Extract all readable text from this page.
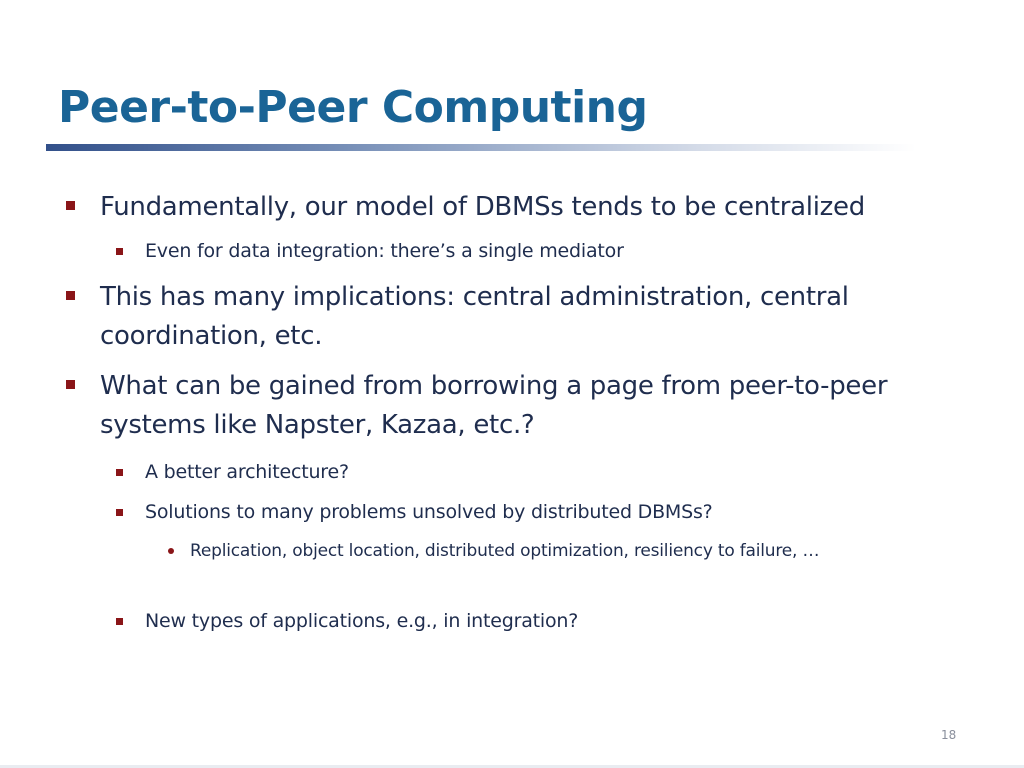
Peer-to-Peer Computing
Fundamentally, our model of DBMSs tends to be centralized
Even for data integration: there’s a single mediator
This has many implications: central administration, central coordination, etc.
What can be gained from borrowing a page from peer-to-peer systems like Napster, Kazaa, etc.?
A better architecture?
Solutions to many problems unsolved by distributed DBMSs?
Replication, object location, distributed optimization, resiliency to failure, …
New types of applications, e.g., in integration?
18
